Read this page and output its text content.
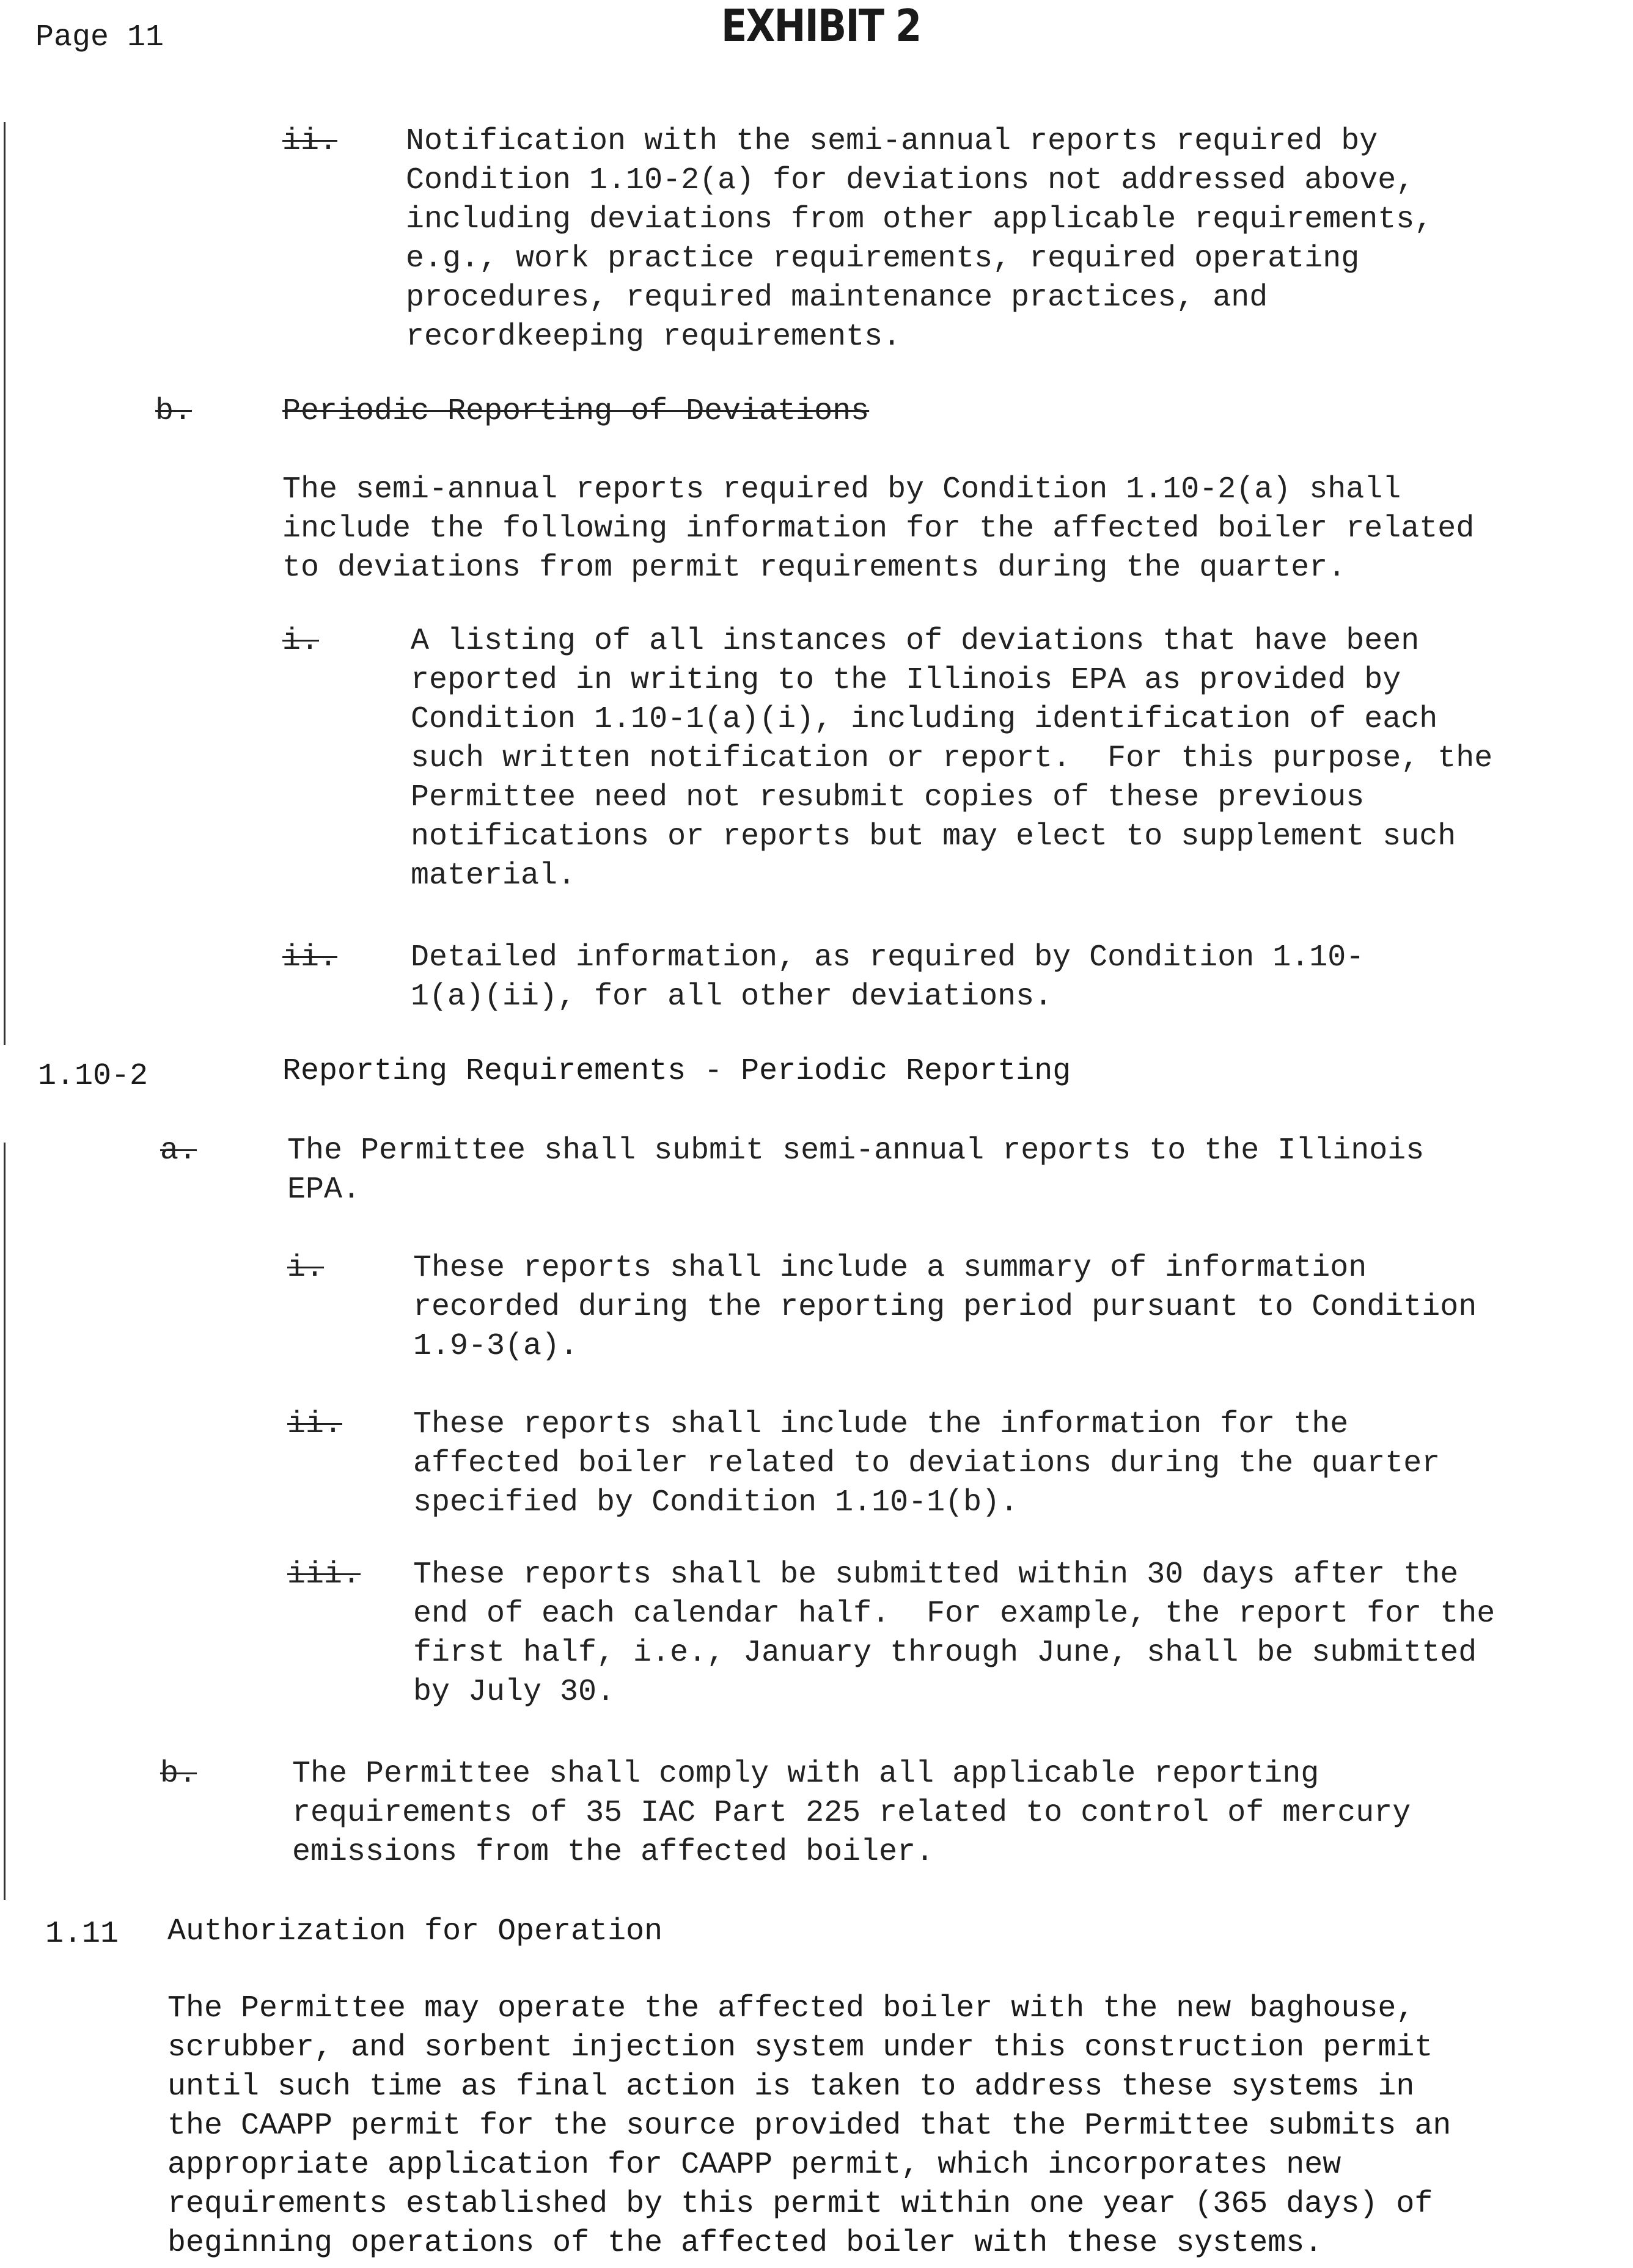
Page 11	EXHIBIT 2
ii. Notification with the semi-annual reports required by

Condition 1.10-2(a) for deviations not addressed above,

including deviations from other applicable requirements,

e.g., work practice requirements, required operating

procedures, required maintenance practices, and

recordkeeping requirements.

b.	Periodic Reporting of Deviations

The semi-annual reports required by Condition 1.10-2(a) shall

include the following information for the affected boiler related

to deviations from permit requirements during the quarter.

i.	A listing of all instances of deviations that have been

reported in writing to the Illinois EPA as provided by

Condition 1.10-1(a)(i), including identification of each

such written notification or report.  For this purpose, the

Permittee need not resubmit copies of these previous

notifications or reports but may elect to supplement such

material.

ii. Detailed information, as required by Condition 1.10-

1(a)(ii), for all other deviations.

1.10-2	Reporting Requirements - Periodic Reporting
a.	The Permittee shall submit semi-annual reports to the Illinois

EPA.

i.	These reports shall include a summary of information

recorded during the reporting period pursuant to Condition

1.9-3(a).

ii. These reports shall include the information for the

affected boiler related to deviations during the quarter

specified by Condition 1.10-1(b).

iii. These reports shall be submitted within 30 days after the

end of each calendar half.  For example, the report for the

first half, i.e., January through June, shall be submitted

by July 30.

b.	The Permittee shall comply with all applicable reporting

requirements of 35 IAC Part 225 related to control of mercury

emissions from the affected boiler.

1.11 Authorization for Operation

The Permittee may operate the affected boiler with the new baghouse,

scrubber, and sorbent injection system under this construction permit

until such time as final action is taken to address these systems in

the CAAPP permit for the source provided that the Permittee submits an

appropriate application for CAAPP permit, which incorporates new

requirements established by this permit within one year (365 days) of

beginning operations of the affected boiler with these systems.
